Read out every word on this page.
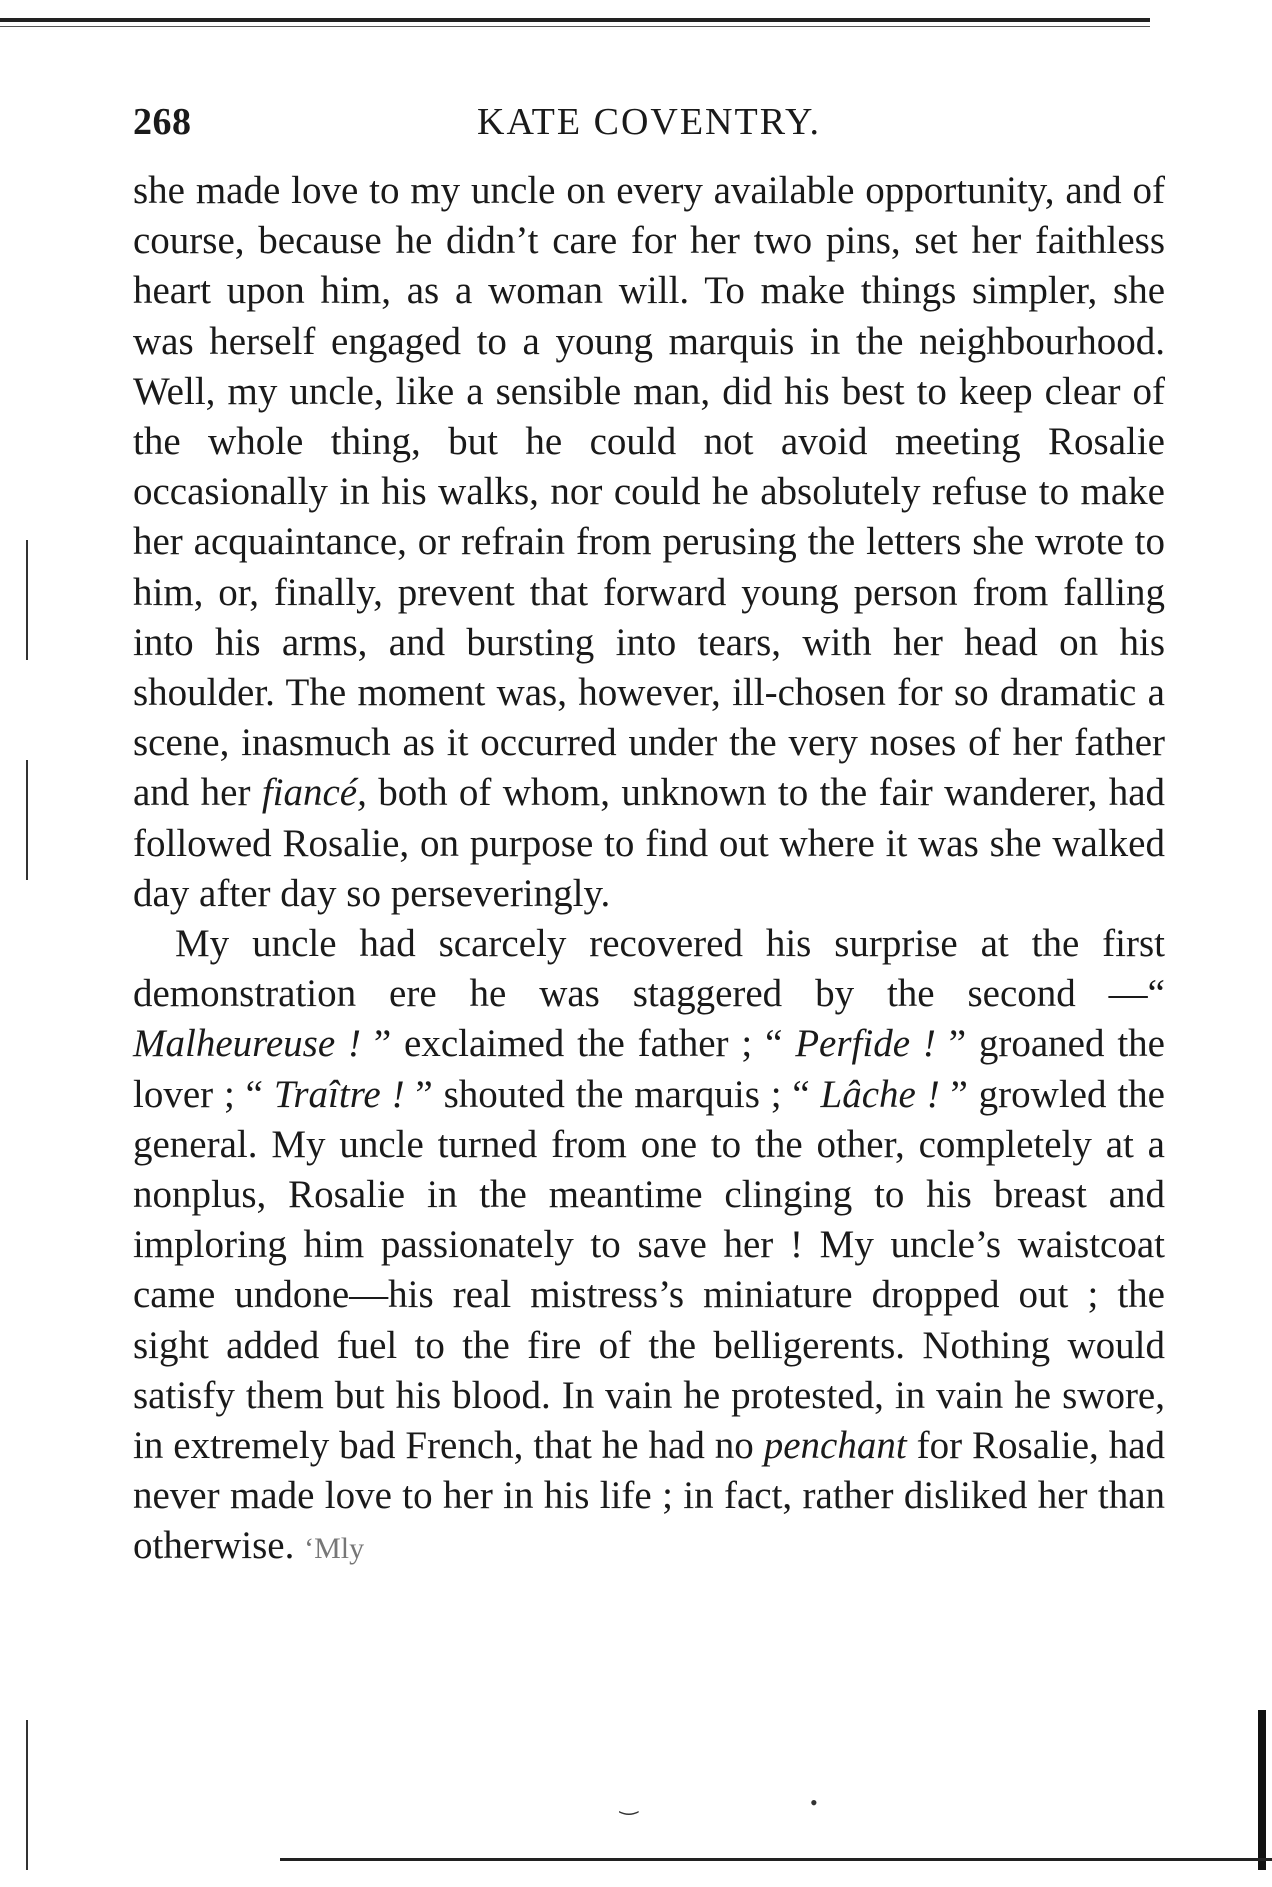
268	KATE COVENTRY.

she made love to my uncle on every available opportunity, and of course, because he didn’t care for her two pins, set her faithless heart upon him, as a woman will. To make things simpler, she was herself engaged to a young marquis in the neighbourhood. Well, my uncle, like a sensible man, did his best to keep clear of the whole thing, but he could not avoid meeting Rosalie occasionally in his walks, nor could he absolutely refuse to make her acquaintance, or refrain from perusing the letters she wrote to him, or, finally, prevent that forward young person from falling into his arms, and bursting into tears, with her head on his shoulder. The moment was, however, ill-chosen for so dramatic a scene, inasmuch as it occurred under the very noses of her father and her fiancé, both of whom, unknown to the fair wanderer, had followed Rosalie, on purpose to find out where it was she walked day after day so perseveringly.

My uncle had scarcely recovered his surprise at the first demonstration ere he was staggered by the second —“ Malheureuse ! ” exclaimed the father ; “ Perfide ! ” groaned the lover ; “ Traître ! ” shouted the marquis ; “ Lâche ! ” growled the general. My uncle turned from one to the other, completely at a nonplus, Rosalie in the meantime clinging to his breast and imploring him passionately to save her ! My uncle’s waistcoat came undone—his real mistress’s miniature dropped out ; the sight added fuel to the fire of the belligerents. Nothing would satisfy them but his blood. In vain he protested, in vain he swore, in extremely bad French, that he had no penchant for Rosalie, had never made love to her in his life ; in fact, rather disliked her than otherwise. ‘Mly

‿	•
